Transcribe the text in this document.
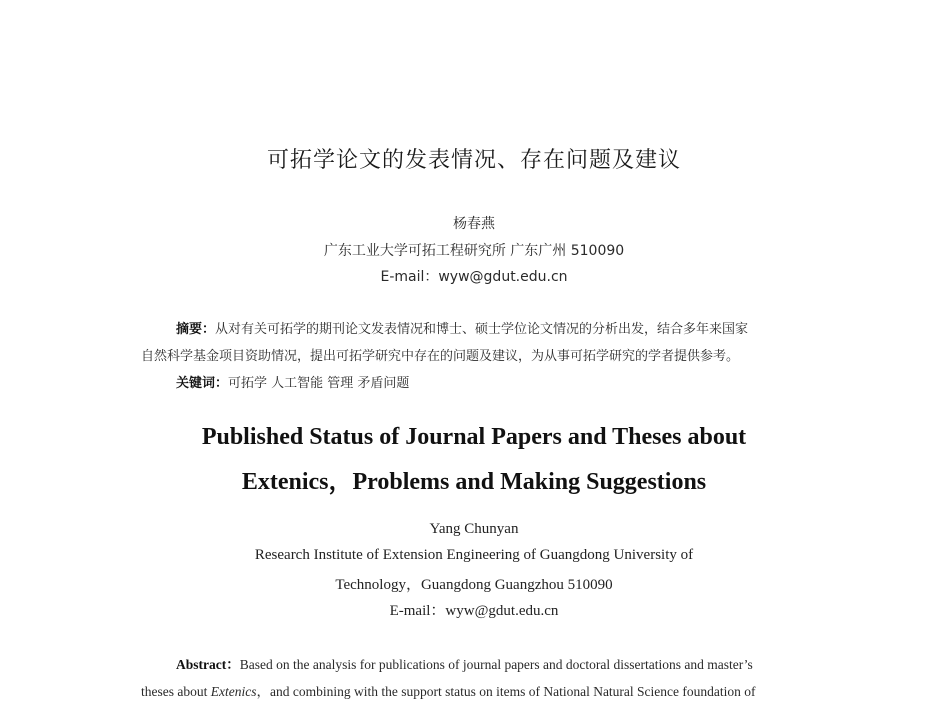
可拓学论文的发表情况、存在问题及建议
杨春燕
广东工业大学可拓工程研究所 广东广州 510090
E-mail：wyw@gdut.edu.cn
摘要：从对有关可拓学的期刊论文发表情况和博士、硕士学位论文情况的分析出发，结合多年来国家
自然科学基金项目资助情况，提出可拓学研究中存在的问题及建议，为从事可拓学研究的学者提供参考。
关键词：可拓学 人工智能 管理 矛盾问题
Published Status of Journal Papers and Theses about
Extenics，Problems and Making Suggestions
Yang Chunyan
Research Institute of Extension Engineering of Guangdong University of
Technology，Guangdong Guangzhou 510090
E-mail：wyw@gdut.edu.cn
Abstract：Based on the analysis for publications of journal papers and doctoral dissertations and master’s
theses about Extenics，and combining with the support status on items of National Natural Science foundation of
